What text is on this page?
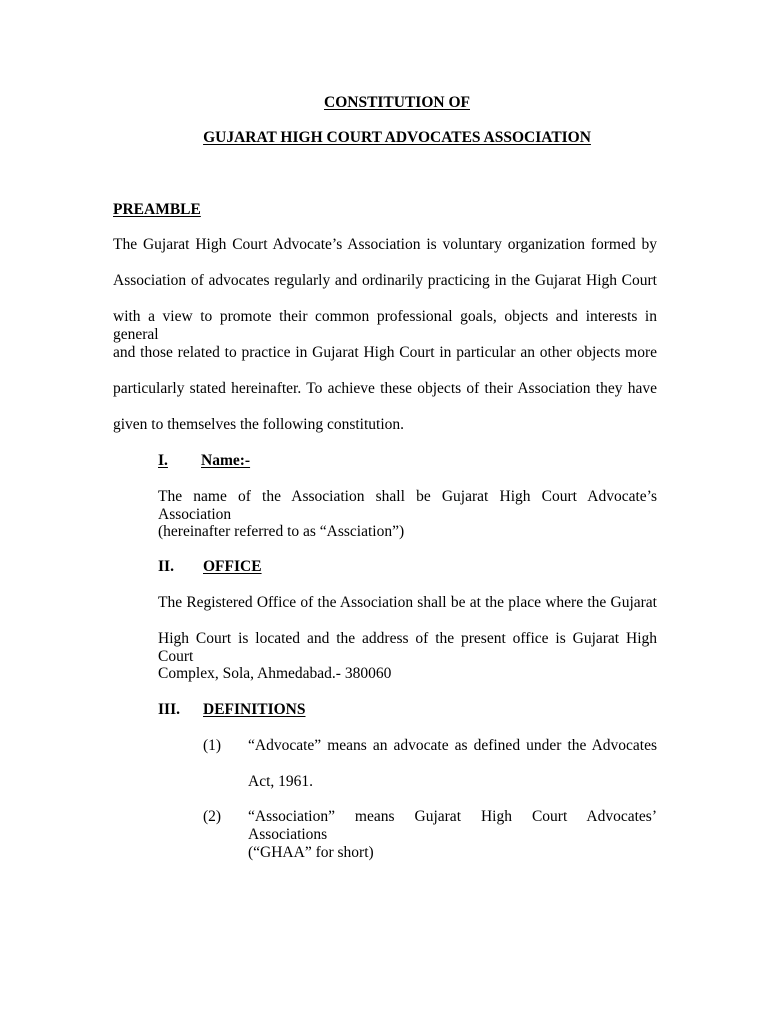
CONSTITUTION OF
GUJARAT HIGH COURT ADVOCATES ASSOCIATION
PREAMBLE
The Gujarat High Court Advocate’s Association is voluntary organization formed by
Association of advocates regularly and ordinarily practicing in the Gujarat High Court
with a view to promote their common professional goals, objects and interests in general
and those related to practice in Gujarat High Court in particular an other objects more
particularly stated hereinafter. To achieve these objects of their Association they have
given to themselves the following constitution.
I. Name:-
The name of the Association shall be Gujarat High Court Advocate’s Association
(hereinafter referred to as “Assciation”)
II. OFFICE
The Registered Office of the Association shall be at the place where the Gujarat
High Court is located and the address of the present office is Gujarat High Court
Complex, Sola, Ahmedabad.- 380060
III. DEFINITIONS
(1) “Advocate” means an advocate as defined under the Advocates
Act, 1961.
(2) “Association” means Gujarat High Court Advocates’ Associations
(“GHAA” for short)
